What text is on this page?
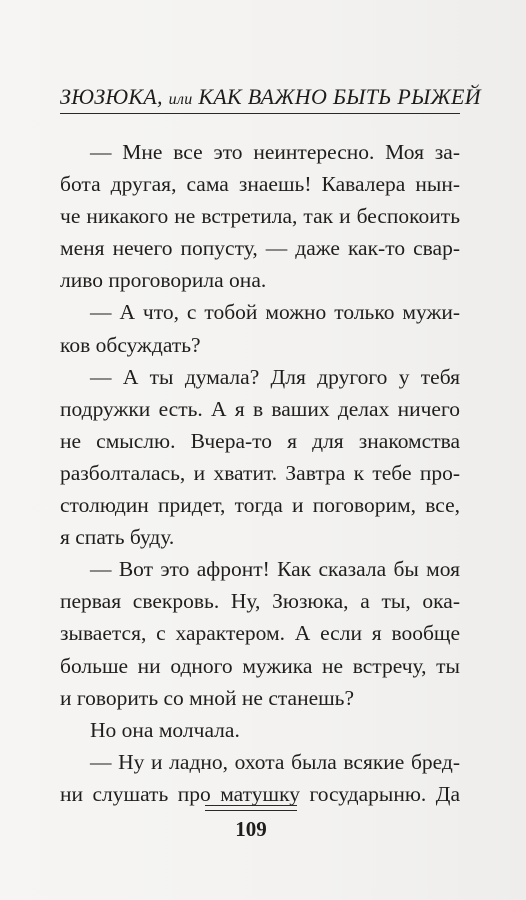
ЗЮЗЮКА, или КАК ВАЖНО БЫТЬ РЫЖЕЙ
— Мне все это неинтересно. Моя за-
бота другая, сама знаешь! Кавалера нын-
че никакого не встретила, так и беспокоить
меня нечего попусту, — даже как-то свар-
ливо проговорила она.
— А что, с тобой можно только мужи-
ков обсуждать?
— А ты думала? Для другого у тебя
подружки есть. А я в ваших делах ничего
не смыслю. Вчера-то я для знакомства
разболталась, и хватит. Завтра к тебе про-
столюдин придет, тогда и поговорим, все,
я спать буду.
— Вот это афронт! Как сказала бы моя
первая свекровь. Ну, Зюзюка, а ты, ока-
зывается, с характером. А если я вообще
больше ни одного мужика не встречу, ты
и говорить со мной не станешь?
Но она молчала.
— Ну и ладно, охота была всякие бред-
ни слушать про матушку государыню. Да
109
